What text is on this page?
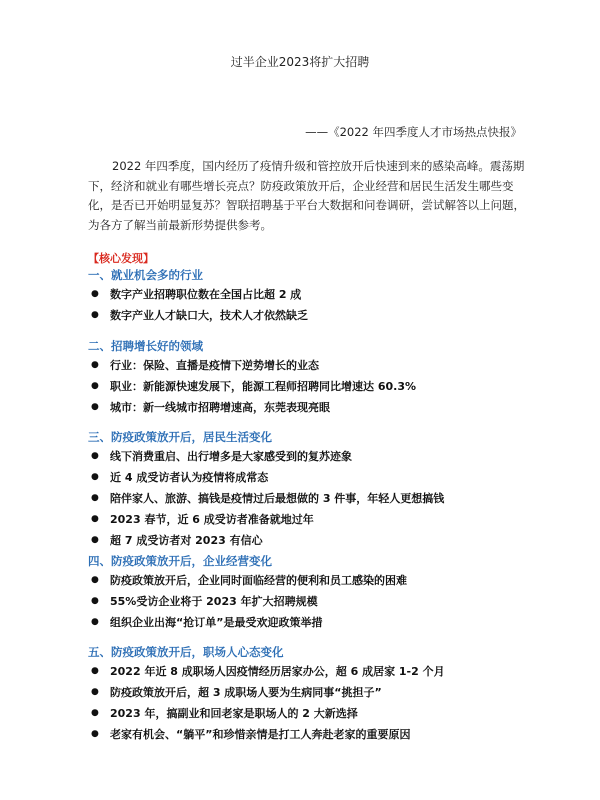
过半企业2023将扩大招聘
——《2022 年四季度人才市场热点快报》
2022 年四季度，国内经历了疫情升级和管控放开后快速到来的感染高峰。震荡期下，经济和就业有哪些增长亮点？防疫政策放开后，企业经营和居民生活发生哪些变化，是否已开始明显复苏？智联招聘基于平台大数据和问卷调研，尝试解答以上问题，为各方了解当前最新形势提供参考。
【核心发现】
一、就业机会多的行业
● 数字产业招聘职位数在全国占比超 2 成
● 数字产业人才缺口大，技术人才依然缺乏
二、招聘增长好的领域
● 行业：保险、直播是疫情下逆势增长的业态
● 职业：新能源快速发展下，能源工程师招聘同比增速达 60.3%
● 城市：新一线城市招聘增速高，东莞表现亮眼
三、防疫政策放开后，居民生活变化
● 线下消费重启、出行增多是大家感受到的复苏迹象
● 近 4 成受访者认为疫情将成常态
● 陪伴家人、旅游、搞钱是疫情过后最想做的 3 件事，年轻人更想搞钱
● 2023 春节，近 6 成受访者准备就地过年
● 超 7 成受访者对 2023 有信心
四、防疫政策放开后，企业经营变化
● 防疫政策放开后，企业同时面临经营的便利和员工感染的困难
● 55%受访企业将于 2023 年扩大招聘规模
● 组织企业出海“抢订单”是最受欢迎政策举措
五、防疫政策放开后，职场人心态变化
● 2022 年近 8 成职场人因疫情经历居家办公，超 6 成居家 1-2 个月
● 防疫政策放开后，超 3 成职场人要为生病同事“挑担子”
● 2023 年，搞副业和回老家是职场人的 2 大新选择
● 老家有机会、“躺平”和珍惜亲情是打工人奔赴老家的重要原因
